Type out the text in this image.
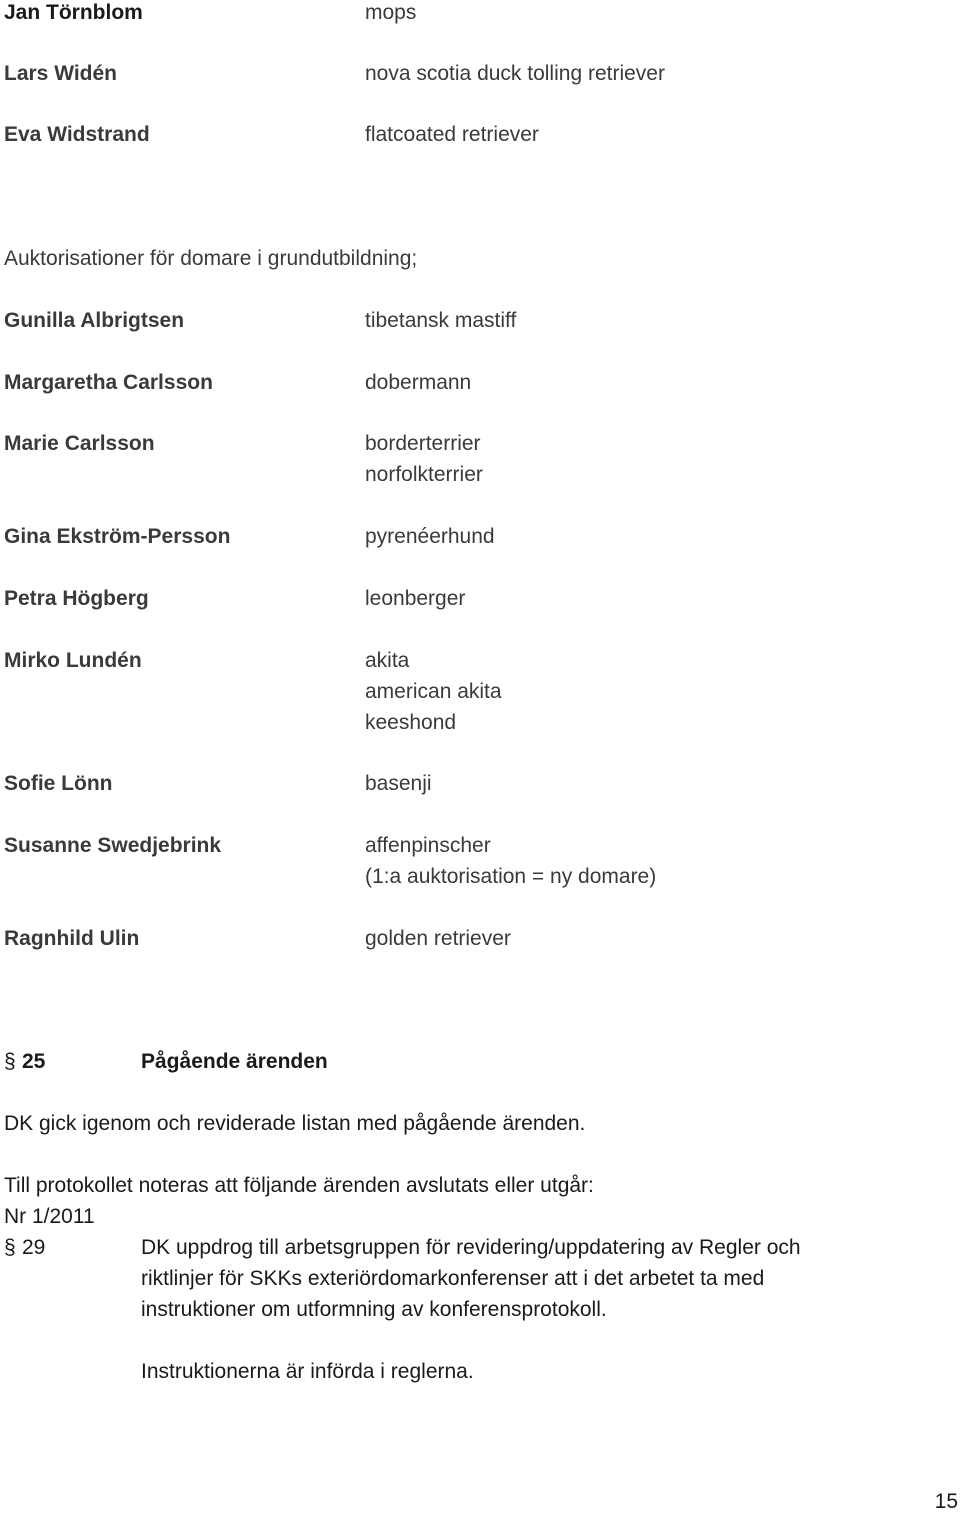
Jan Törnblom	mops
Lars Widén	nova scotia duck tolling retriever
Eva Widstrand	flatcoated retriever
Auktorisationer för domare i grundutbildning;
Gunilla Albrigtsen	tibetansk mastiff
Margaretha Carlsson	dobermann
Marie Carlsson	borderterrier
norfolkterrier
Gina Ekström-Persson	pyrenéerhund
Petra Högberg	leonberger
Mirko Lundén	akita
american akita
keeshond
Sofie Lönn	basenji
Susanne Swedjebrink	affenpinscher
(1:a auktorisation = ny domare)
Ragnhild Ulin	golden retriever
§ 25	Pågående ärenden
DK gick igenom och reviderade listan med pågående ärenden.
Till protokollet noteras att följande ärenden avslutats eller utgår:
Nr 1/2011
§ 29	DK uppdrog till arbetsgruppen för revidering/uppdatering av Regler och
riktlinjer för SKKs exteriördomarkonferenser att i det arbetet ta med
instruktioner om utformning av konferensprotokoll.
Instruktionerna är införda i reglerna.
15
